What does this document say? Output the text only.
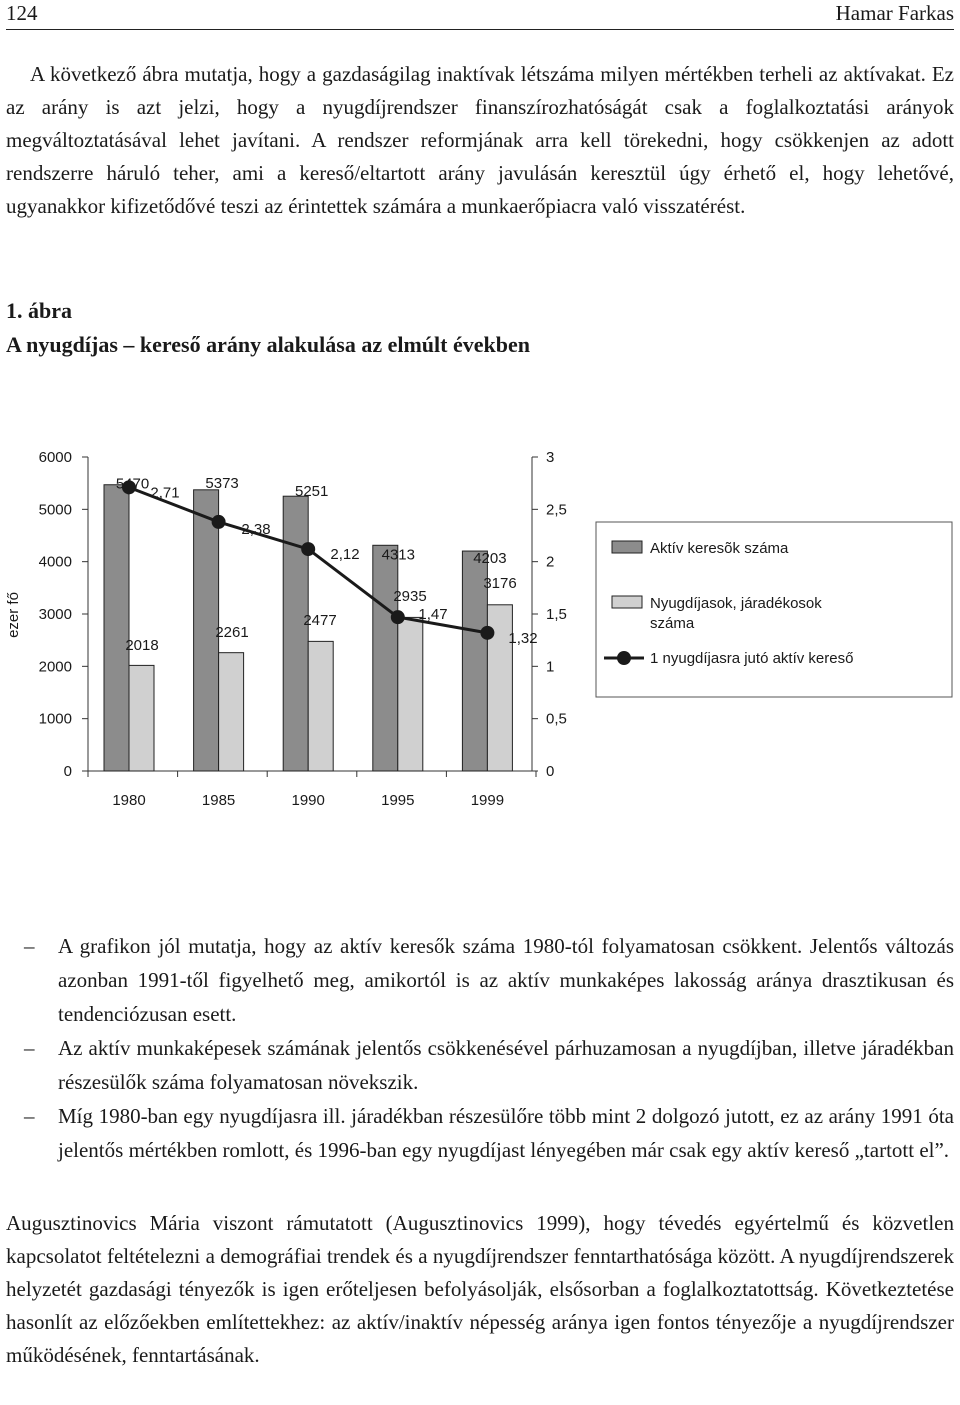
124	Hamar Farkas

A következő ábra mutatja, hogy a gazdaságilag inaktívak létszáma milyen mértékben terheli az aktívakat. Ez az arány is azt jelzi, hogy a nyugdíjrendszer finanszírozhatóságát csak a foglalkoztatási arányok megváltoztatásával lehet javítani. A rendszer reformjának arra kell törekedni, hogy csökkenjen az adott rendszerre háruló teher, ami a kereső/eltartott arány javulásán keresztül úgy érhető el, hogy lehetővé, ugyanakkor kifizetődővé teszi az érintettek számára a munkaerőpiacra való visszatérést.

1. ábra
A nyugdíjas – kereső arány alakulása az elmúlt években
0
1000
2000
3000
4000
5000
6000
0
0,5
1
1,5
2
2,5
3
1980	1985	1990	1995	1999
ezer fő
5470	5373	5251
4313	4203
2018
2261
2477
2935
3176
2,71
2,38
2,12
1,47
1,32
Aktív keresõk száma
Nyugdíjasok, járadékosok száma
1 nyugdíjasra jutó aktív kereső
– A grafikon jól mutatja, hogy az aktív keresők száma 1980-tól folyamatosan csökkent. Jelentős változás azonban 1991-től figyelhető meg, amikortól is az aktív munkaképes lakosság aránya drasztikusan és tendenciózusan esett.
– Az aktív munkaképesek számának jelentős csökkenésével párhuzamosan a nyugdíjban, illetve járadékban részesülők száma folyamatosan növekszik.
– Míg 1980-ban egy nyugdíjasra ill. járadékban részesülőre több mint 2 dolgozó jutott, ez az arány 1991 óta jelentős mértékben romlott, és 1996-ban egy nyugdíjast lényegében már csak egy aktív kereső „tartott el”.

Augusztinovics Mária viszont rámutatott (Augusztinovics 1999), hogy tévedés egyértelmű és közvetlen kapcsolatot feltételezni a demográfiai trendek és a nyugdíjrendszer fenntarthatósága között. A nyugdíjrendszerek helyzetét gazdasági tényezők is igen erőteljesen befolyásolják, elsősorban a foglalkoztatottság. Következtetése hasonlít az előzőekben említettekhez: az aktív/inaktív népesség aránya igen fontos tényezője a nyugdíjrendszer működésének, fenntartásának.
